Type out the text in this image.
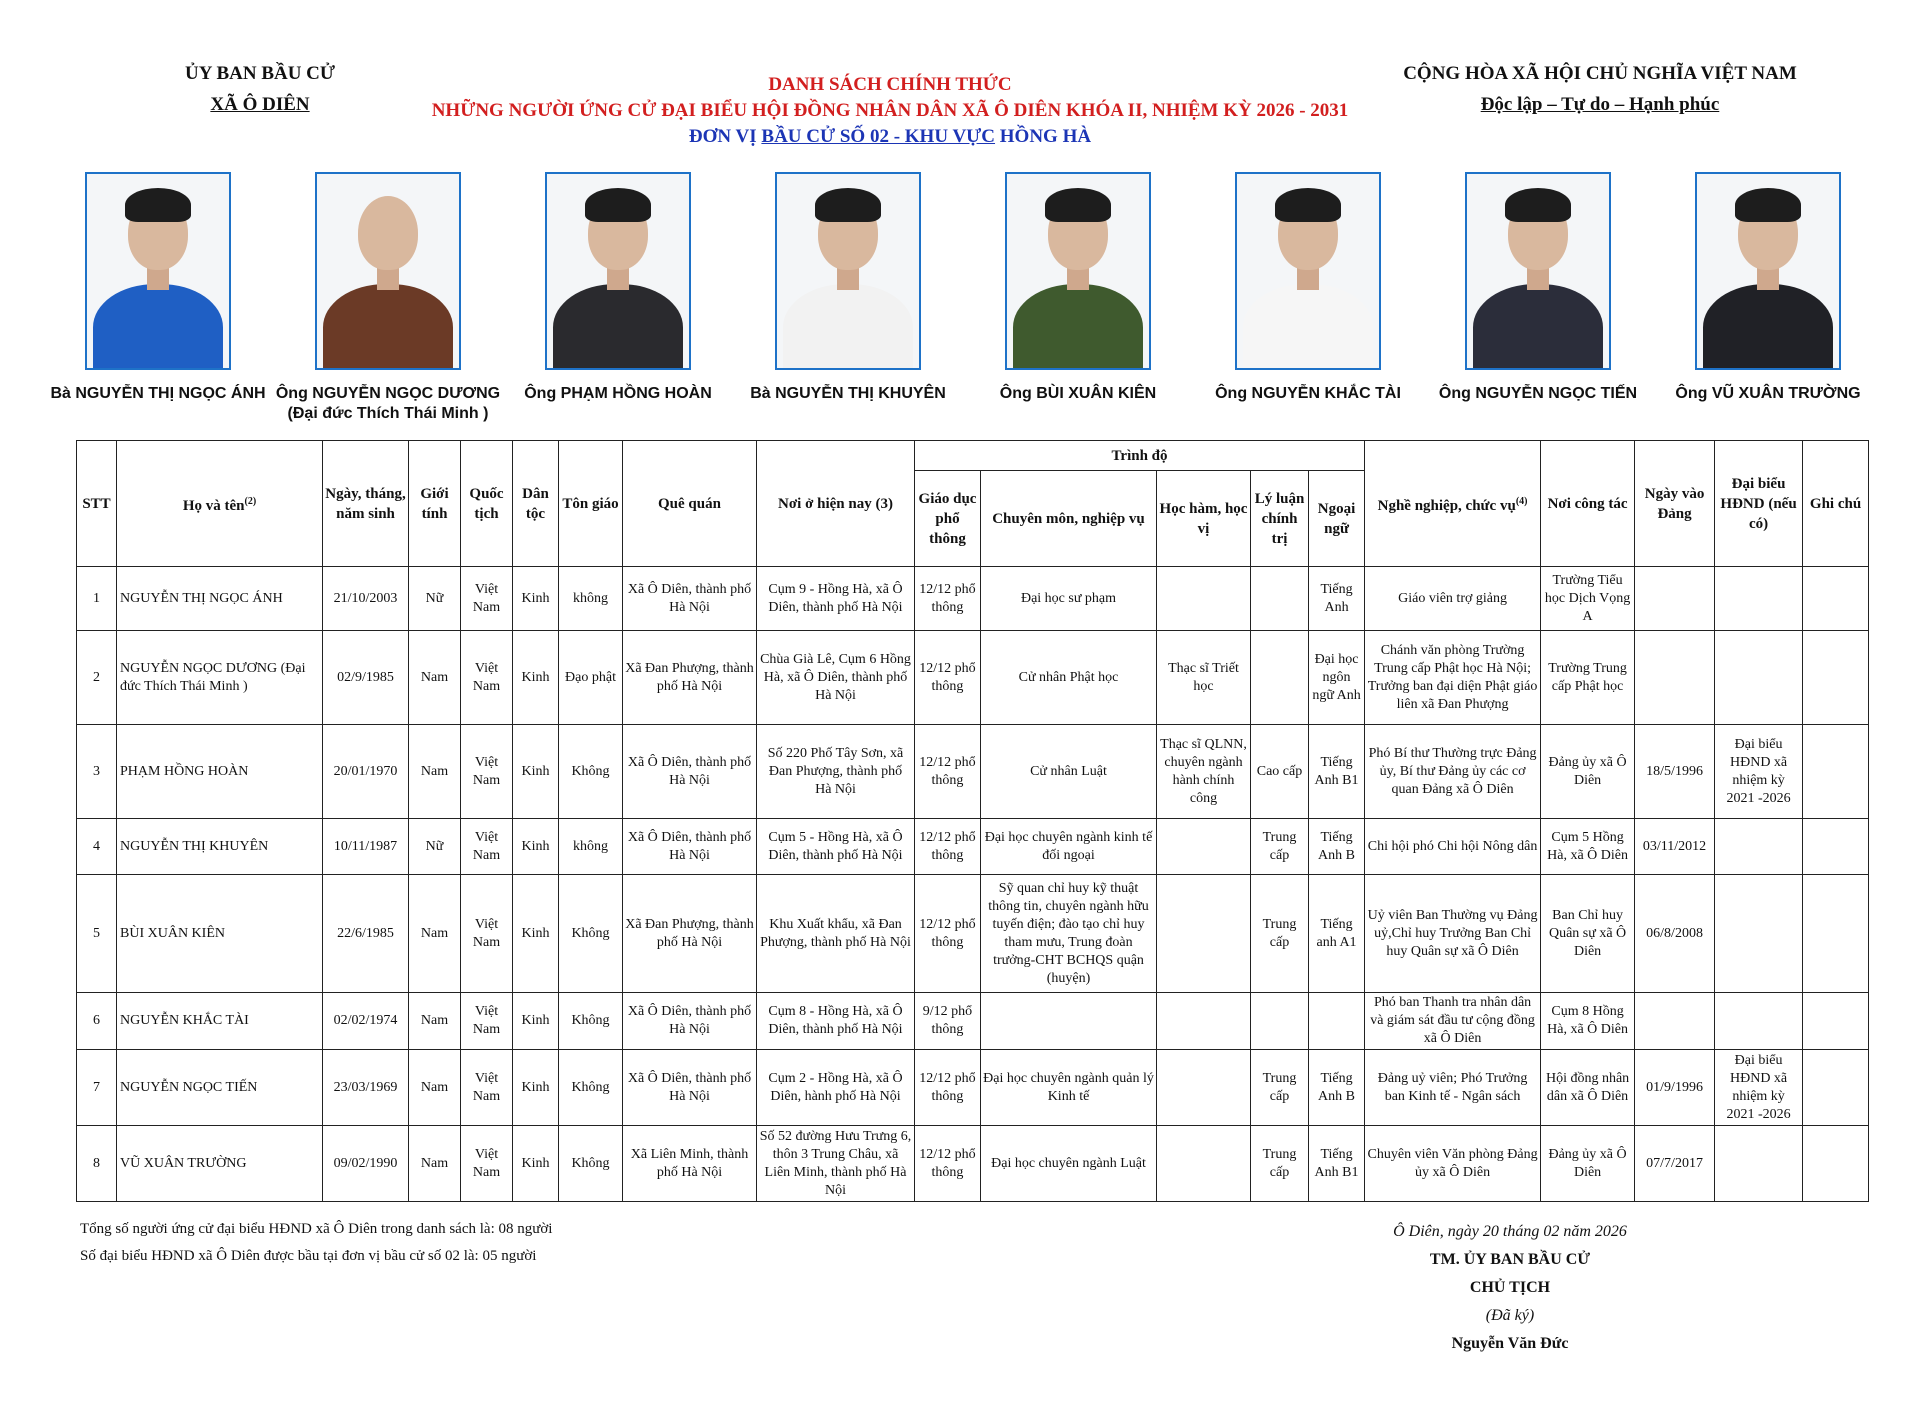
ỦY BAN BẦU CỬ
XÃ Ô DIÊN
DANH SÁCH CHÍNH THỨC
NHỮNG NGƯỜI ỨNG CỬ ĐẠI BIỂU HỘI ĐỒNG NHÂN DÂN XÃ Ô DIÊN KHÓA II, NHIỆM KỲ 2026 - 2031
ĐƠN VỊ BẦU CỬ SỐ 02 - KHU VỰC HỒNG HÀ
CỘNG HÒA XÃ HỘI CHỦ NGHĨA VIỆT NAM
Độc lập – Tự do – Hạnh phúc
Bà NGUYỄN THỊ NGỌC ÁNH Ông NGUYỄN NGỌC DƯƠNG
(Đại đức Thích Thái Minh )
Ông PHẠM HỒNG HOÀN	Bà NGUYỄN THỊ KHUYÊN	Ông BÙI XUÂN KIÊN	Ông NGUYỄN KHẮC TÀI	Ông NGUYỄN NGỌC TIẾN	Ông VŨ XUÂN TRƯỜNG
STT	Họ và tên$^{(2)}$	Ngày, tháng, năm sinh	Giới tính	Quốc tịch	Dân tộc	Tôn giáo	Quê quán	Nơi ở hiện nay (3)	Trình độ					Nghề nghiệp, chức vụ$^{(4)}$	Nơi công tác	Ngày vào Đảng	Đại biểu HĐND (nếu có)	Ghi chú
									Giáo dục phổ thông	Chuyên môn, nghiệp vụ	Học hàm, học vị	Lý luận chính trị	Ngoại ngữ					
1	NGUYỄN THỊ NGỌC ÁNH	21/10/2003	Nữ	Việt Nam	Kinh	không	Xã Ô Diên, thành phố Hà Nội	Cụm 9 - Hồng Hà, xã Ô Diên, thành phố Hà Nội	12/12 phổ thông	Đại học sư phạm			Tiếng Anh	Giáo viên trợ giảng	Trường Tiểu học Dịch Vọng A			
2	NGUYỄN NGỌC DƯƠNG (Đại đức Thích Thái Minh )	02/9/1985	Nam	Việt Nam	Kinh	Đạo phật	Xã Đan Phượng, thành phố Hà Nội	Chùa Già Lê, Cụm 6 Hồng Hà, xã Ô Diên, thành phố Hà Nội	12/12 phổ thông	Cử nhân Phật học	Thạc sĩ Triết học		Đại học ngôn ngữ Anh	Chánh văn phòng Trường Trung cấp Phật học Hà Nội; Trưởng ban đại diện Phật giáo liên xã Đan Phượng	Trường Trung cấp Phật học			
3	PHẠM HỒNG HOÀN	20/01/1970	Nam	Việt Nam	Kinh	Không	Xã Ô Diên, thành phố Hà Nội	Số 220 Phố Tây Sơn, xã Đan Phượng, thành phố Hà Nội	12/12 phổ thông	Cử nhân Luật	Thạc sĩ QLNN, chuyên ngành hành chính công	Cao cấp	Tiếng Anh B1	Phó Bí thư Thường trực Đảng ủy, Bí thư Đảng ủy các cơ quan Đảng xã Ô Diên	Đảng ủy xã Ô Diên	18/5/1996	Đại biểu HĐND xã nhiệm kỳ 2021 -2026	
4	NGUYỄN THỊ KHUYÊN	10/11/1987	Nữ	Việt Nam	Kinh	không	Xã Ô Diên, thành phố Hà Nội	Cụm 5 - Hồng Hà, xã Ô Diên, thành phố Hà Nội	12/12 phổ thông	Đại học chuyên ngành kinh tế đối ngoại		Trung cấp	Tiếng Anh B	Chi hội phó Chi hội Nông dân	Cụm 5 Hồng Hà, xã Ô Diên	03/11/2012		
5	BÙI XUÂN KIÊN	22/6/1985	Nam	Việt Nam	Kinh	Không	Xã Đan Phượng, thành phố Hà Nội	Khu Xuất khẩu, xã Đan Phượng, thành phố Hà Nội	12/12 phổ thông	Sỹ quan chỉ huy kỹ thuật thông tin, chuyên ngành hữu tuyến điện; đào tạo chỉ huy tham mưu, Trung đoàn trưởng-CHT BCHQS quận (huyện)		Trung cấp	Tiếng anh A1	Uỷ viên Ban Thường vụ Đảng uỷ,Chỉ huy Trưởng Ban Chỉ huy Quân sự xã Ô Diên	Ban Chỉ huy Quân sự xã Ô Diên	06/8/2008		
6	NGUYỄN KHẮC TÀI	02/02/1974	Nam	Việt Nam	Kinh	Không	Xã Ô Diên, thành phố Hà Nội	Cụm 8 - Hồng Hà, xã Ô Diên, thành phố Hà Nội	9/12 phổ thông					Phó ban Thanh tra nhân dân và giám sát đầu tư cộng đồng xã Ô Diên	Cụm 8 Hồng Hà, xã Ô Diên			
7	NGUYỄN NGỌC TIẾN	23/03/1969	Nam	Việt Nam	Kinh	Không	Xã Ô Diên, thành phố Hà Nội	Cụm 2 - Hồng Hà, xã Ô Diên, hành phố Hà Nội	12/12 phổ thông	Đại học chuyên ngành quản lý Kinh tế		Trung cấp	Tiếng Anh B	Đảng uỷ viên; Phó Trưởng ban Kinh tế - Ngân sách	Hội đồng nhân dân xã Ô Diên	01/9/1996	Đại biểu HĐND xã nhiệm kỳ 2021 -2026	
8	VŨ XUÂN TRƯỜNG	09/02/1990	Nam	Việt Nam	Kinh	Không	Xã Liên Minh, thành phố Hà Nội	Số 52 đường Hưu Trưng 6, thôn 3 Trung Châu, xã Liên Minh, thành phố Hà Nội	12/12 phổ thông	Đại học chuyên ngành Luật		Trung cấp	Tiếng Anh B1	Chuyên viên Văn phòng Đảng ủy xã Ô Diên	Đảng ủy xã Ô Diên	07/7/2017		
Tổng số người ứng cử đại biểu HĐND xã Ô Diên trong danh sách là: 08 người
Số đại biểu HĐND xã Ô Diên được bầu tại đơn vị bầu cử số 02 là: 05 người
Ô Diên, ngày 20 tháng 02 năm 2026
TM. ỦY BAN BẦU CỬ
CHỦ TỊCH
(Đã ký)
Nguyễn Văn Đức
